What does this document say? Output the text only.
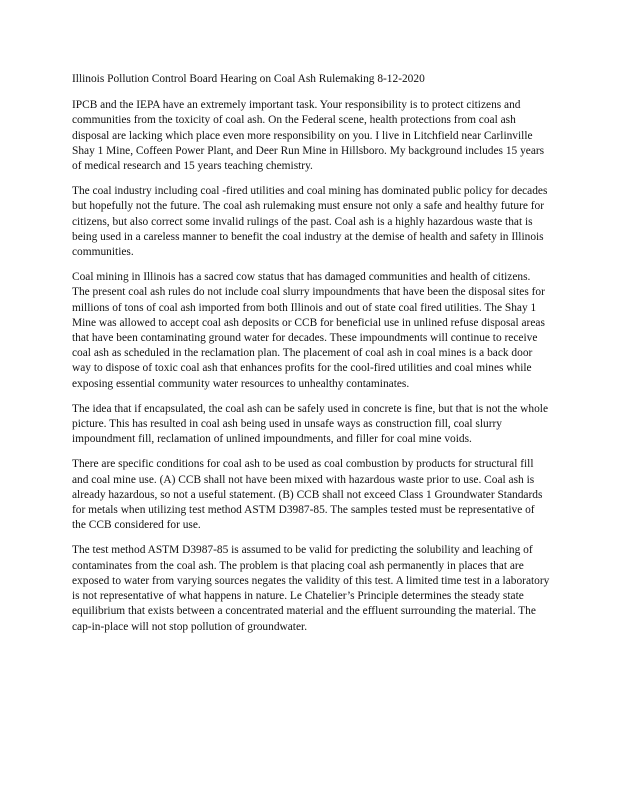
Illinois Pollution Control Board Hearing on Coal Ash Rulemaking 8-12-2020

IPCB and the IEPA have an extremely important task. Your responsibility is to protect citizens and communities from the toxicity of coal ash. On the Federal scene, health protections from coal ash disposal are lacking which place even more responsibility on you. I live in Litchfield near Carlinville Shay 1 Mine, Coffeen Power Plant, and Deer Run Mine in Hillsboro. My background includes 15 years of medical research and 15 years teaching chemistry.

The coal industry including coal -fired utilities and coal mining has dominated public policy for decades but hopefully not the future. The coal ash rulemaking must ensure not only a safe and healthy future for citizens, but also correct some invalid rulings of the past. Coal ash is a highly hazardous waste that is being used in a careless manner to benefit the coal industry at the demise of health and safety in Illinois communities.

Coal mining in Illinois has a sacred cow status that has damaged communities and health of citizens. The present coal ash rules do not include coal slurry impoundments that have been the disposal sites for millions of tons of coal ash imported from both Illinois and out of state coal fired utilities. The Shay 1 Mine was allowed to accept coal ash deposits or CCB for beneficial use in unlined refuse disposal areas that have been contaminating ground water for decades. These impoundments will continue to receive coal ash as scheduled in the reclamation plan. The placement of coal ash in coal mines is a back door way to dispose of toxic coal ash that enhances profits for the cool-fired utilities and coal mines while exposing essential community water resources to unhealthy contaminates.

The idea that if encapsulated, the coal ash can be safely used in concrete is fine, but that is not the whole picture. This has resulted in coal ash being used in unsafe ways as construction fill, coal slurry impoundment fill, reclamation of unlined impoundments, and filler for coal mine voids.

There are specific conditions for coal ash to be used as coal combustion by products for structural fill and coal mine use. (A) CCB shall not have been mixed with hazardous waste prior to use. Coal ash is already hazardous, so not a useful statement. (B) CCB shall not exceed Class 1 Groundwater Standards for metals when utilizing test method ASTM D3987-85. The samples tested must be representative of the CCB considered for use.

The test method ASTM D3987-85 is assumed to be valid for predicting the solubility and leaching of contaminates from the coal ash. The problem is that placing coal ash permanently in places that are exposed to water from varying sources negates the validity of this test. A limited time test in a laboratory is not representative of what happens in nature. Le Chatelier’s Principle determines the steady state equilibrium that exists between a concentrated material and the effluent surrounding the material. The cap-in-place will not stop pollution of groundwater.
